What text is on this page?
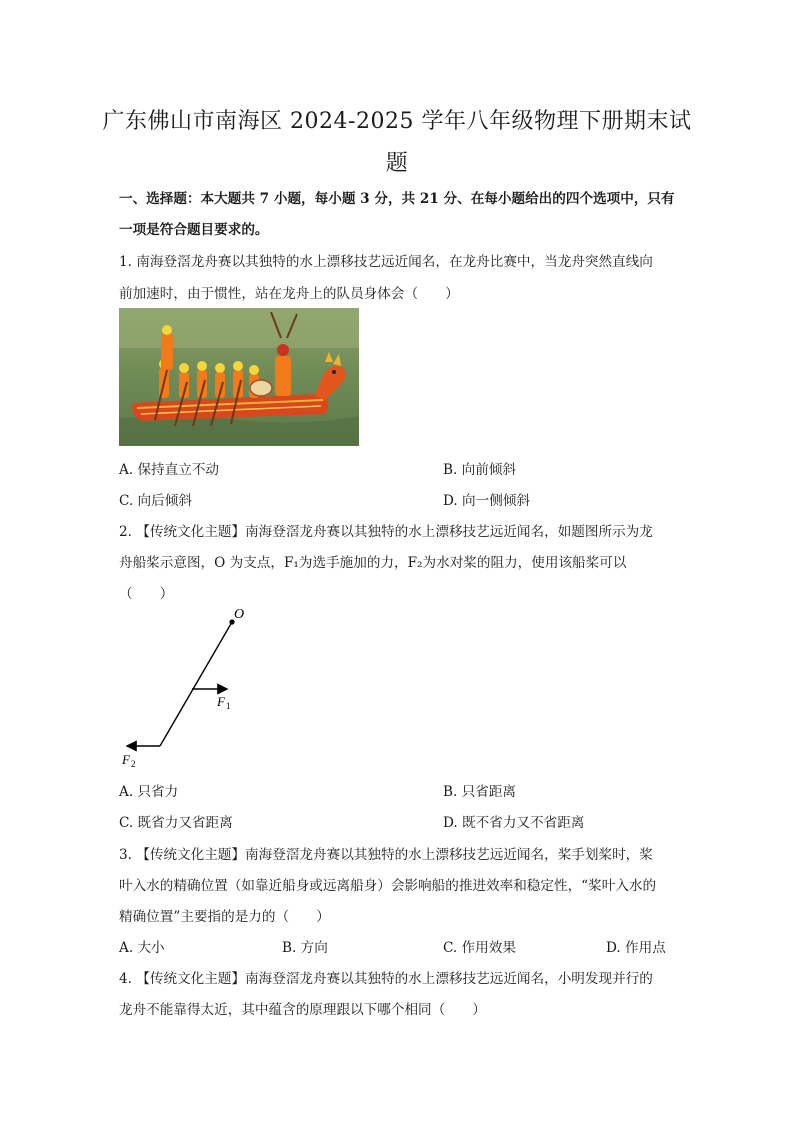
广东佛山市南海区 2024-2025 学年八年级物理下册期末试
题
一、选择题：本大题共 7 小题，每小题 3 分，共 21 分、在每小题给出的四个选项中，只有
一项是符合题目要求的。
1. 南海登滘龙舟赛以其独特的水上漂移技艺远近闻名，在龙舟比赛中，当龙舟突然直线向
前加速时，由于惯性，站在龙舟上的队员身体会（　　）
A. 保持直立不动	B. 向前倾斜
C. 向后倾斜	D. 向一侧倾斜
2. 【传统文化主题】南海登滘龙舟赛以其独特的水上漂移技艺远近闻名，如题图所示为龙
舟船桨示意图，O 为支点，F₁为选手施加的力，F₂为水对桨的阻力，使用该船桨可以
（　　）
O
F 1
F 2
A. 只省力	B. 只省距离
C. 既省力又省距离	D. 既不省力又不省距离
3. 【传统文化主题】南海登滘龙舟赛以其独特的水上漂移技艺远近闻名，桨手划桨时，桨
叶入水的精确位置（如靠近船身或远离船身）会影响船的推进效率和稳定性，“桨叶入水的
精确位置”主要指的是力的（　　）
A. 大小	B. 方向	C. 作用效果	D. 作用点
4. 【传统文化主题】南海登滘龙舟赛以其独特的水上漂移技艺远近闻名，小明发现并行的
龙舟不能靠得太近，其中蕴含的原理跟以下哪个相同（　　）
